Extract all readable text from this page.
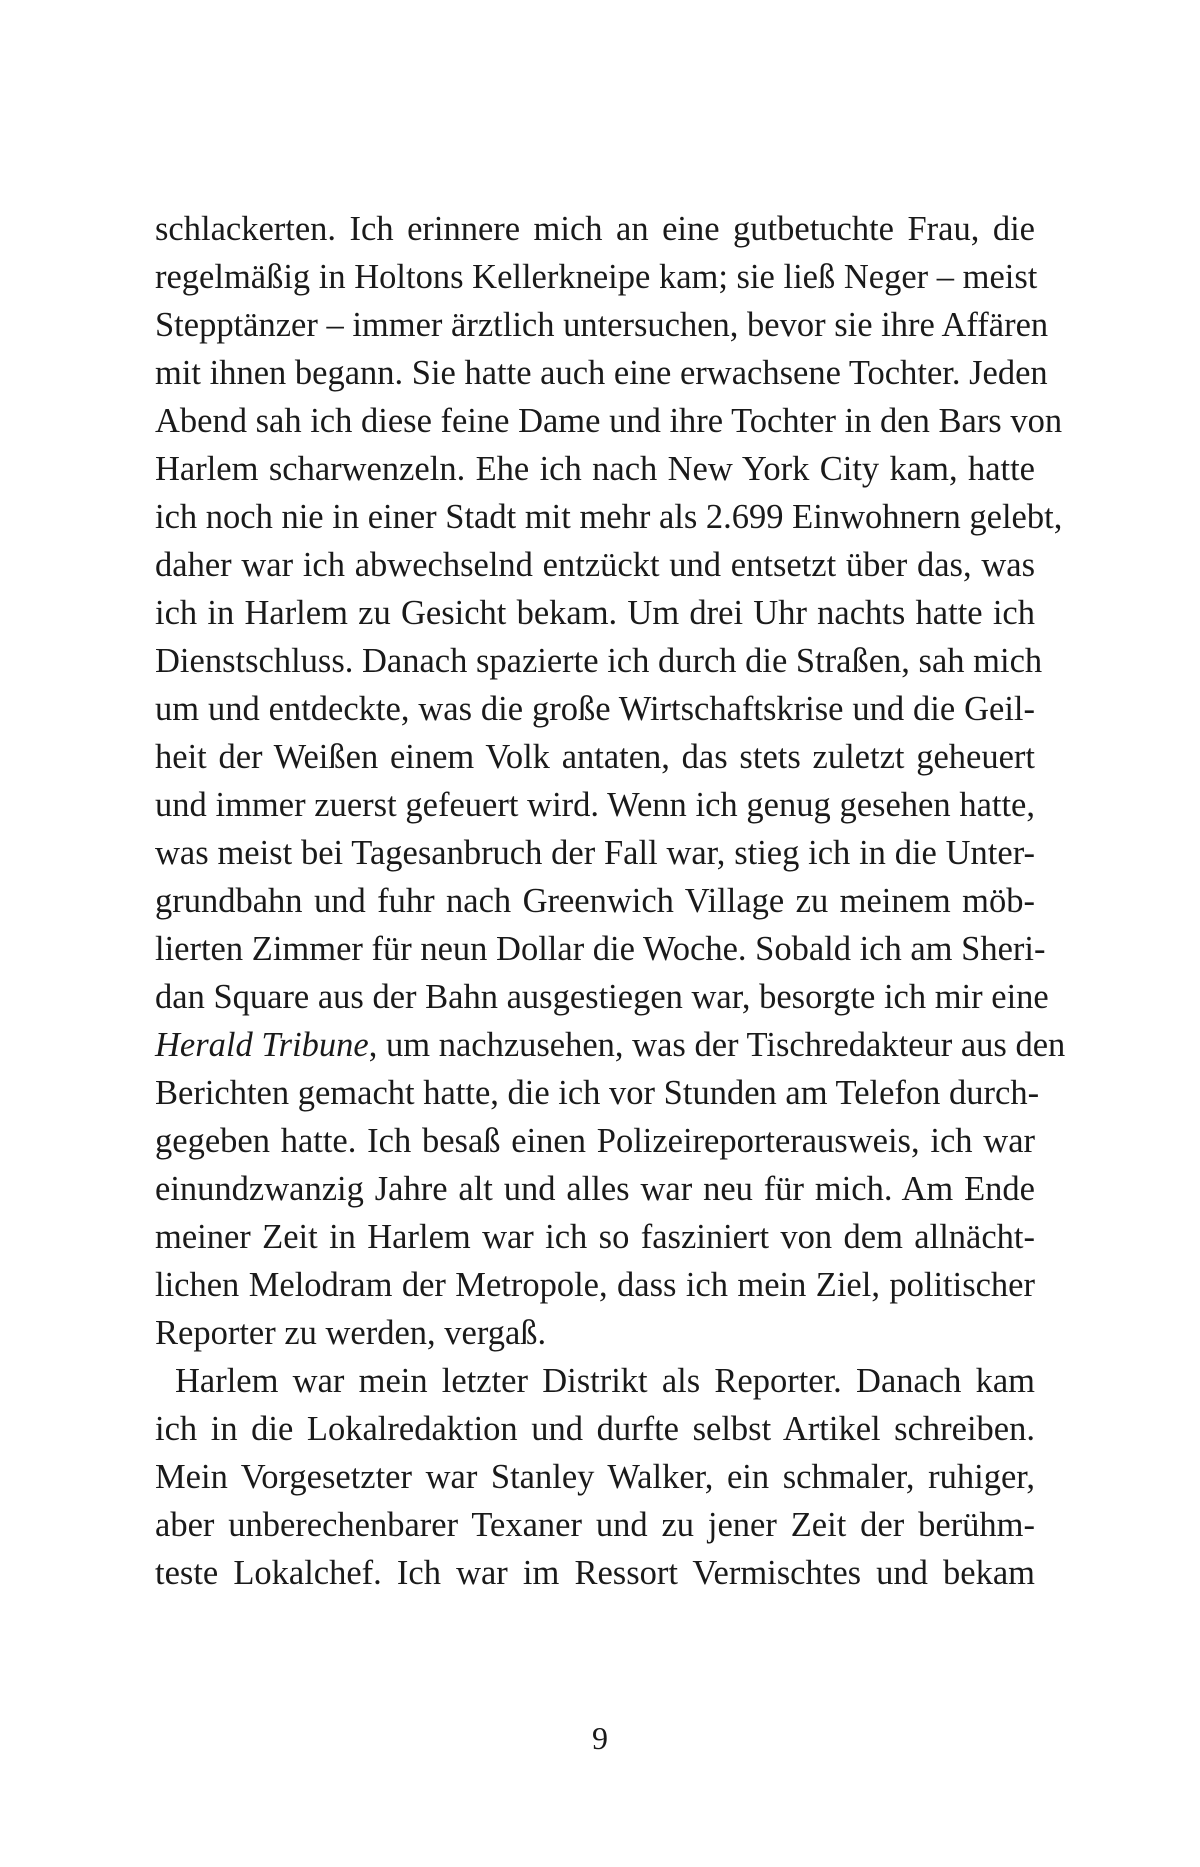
schlackerten. Ich erinnere mich an eine gutbetuchte Frau, die
regelmäßig in Holtons Kellerkneipe kam; sie ließ Neger – meist
Stepptänzer – immer ärztlich untersuchen, bevor sie ihre Affären
mit ihnen begann. Sie hatte auch eine erwachsene Tochter. Jeden
Abend sah ich diese feine Dame und ihre Tochter in den Bars von
Harlem scharwenzeln. Ehe ich nach New York City kam, hatte
ich noch nie in einer Stadt mit mehr als 2.699 Einwohnern gelebt,
daher war ich abwechselnd entzückt und entsetzt über das, was
ich in Harlem zu Gesicht bekam. Um drei Uhr nachts hatte ich
Dienstschluss. Danach spazierte ich durch die Straßen, sah mich
um und entdeckte, was die große Wirtschaftskrise und die Geil-
heit der Weißen einem Volk antaten, das stets zuletzt geheuert
und immer zuerst gefeuert wird. Wenn ich genug gesehen hatte,
was meist bei Tagesanbruch der Fall war, stieg ich in die Unter-
grundbahn und fuhr nach Greenwich Village zu meinem möb-
lierten Zimmer für neun Dollar die Woche. Sobald ich am Sheri-
dan Square aus der Bahn ausgestiegen war, besorgte ich mir eine
Herald Tribune, um nachzusehen, was der Tischredakteur aus den
Berichten gemacht hatte, die ich vor Stunden am Telefon durch-
gegeben hatte. Ich besaß einen Polizeireporterausweis, ich war
einundzwanzig Jahre alt und alles war neu für mich. Am Ende
meiner Zeit in Harlem war ich so fasziniert von dem allnächt-
lichen Melodram der Metropole, dass ich mein Ziel, politischer
Reporter zu werden, vergaß.
Harlem war mein letzter Distrikt als Reporter. Danach kam
ich in die Lokalredaktion und durfte selbst Artikel schreiben.
Mein Vorgesetzter war Stanley Walker, ein schmaler, ruhiger,
aber unberechenbarer Texaner und zu jener Zeit der berühm-
teste Lokalchef. Ich war im Ressort Vermischtes und bekam
9
